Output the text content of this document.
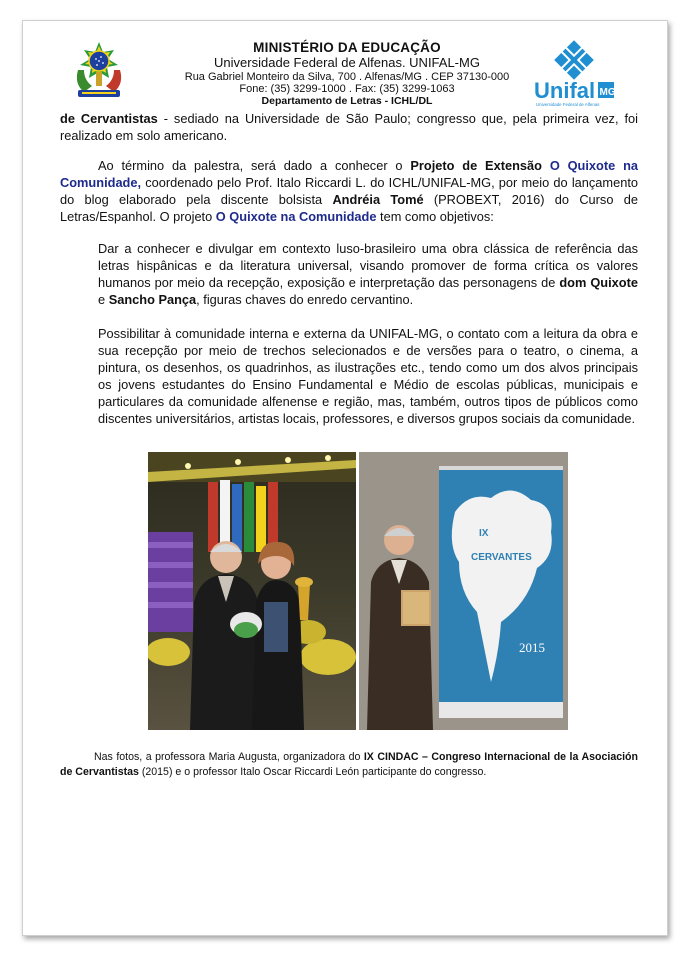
MINISTÉRIO DA EDUCAÇÃO
Universidade Federal de Alfenas. UNIFAL-MG
Rua Gabriel Monteiro da Silva, 700 . Alfenas/MG . CEP 37130-000
Fone: (35) 3299-1000 . Fax: (35) 3299-1063
Departamento de Letras - ICHL/DL	Unifal MG
Universidade Federal de Alfenas
de Cervantistas - sediado na Universidade de São Paulo; congresso que, pela primeira vez, foi realizado em solo americano.
Ao término da palestra, será dado a conhecer o Projeto de Extensão O Quixote na Comunidade, coordenado pelo Prof. Italo Riccardi L. do ICHL/UNIFAL-MG, por meio do lançamento do blog elaborado pela discente bolsista Andréia Tomé (PROBEXT, 2016) do Curso de Letras/Espanhol. O projeto O Quixote na Comunidade tem como objetivos:
Dar a conhecer e divulgar em contexto luso-brasileiro uma obra clássica de referência das letras hispânicas e da literatura universal, visando promover de forma crítica os valores humanos por meio da recepção, exposição e interpretação das personagens de dom Quixote e Sancho Pança, figuras chaves do enredo cervantino.
Possibilitar à comunidade interna e externa da UNIFAL-MG, o contato com a leitura da obra e sua recepção por meio de trechos selecionados e de versões para o teatro, o cinema, a pintura, os desenhos, os quadrinhos, as ilustrações etc., tendo como um dos alvos principais os jovens estudantes do Ensino Fundamental e Médio de escolas públicas, municipais e particulares da comunidade alfenense e região, mas, também, outros tipos de públicos como discentes universitários, artistas locais, professores, e diversos grupos sociais da comunidade.
IX
CERVANTES
2015
Nas fotos, a professora Maria Augusta, organizadora do IX CINDAC – Congreso Internacional de la Asociación de Cervantistas (2015) e o professor Italo Oscar Riccardi León participante do congresso.
